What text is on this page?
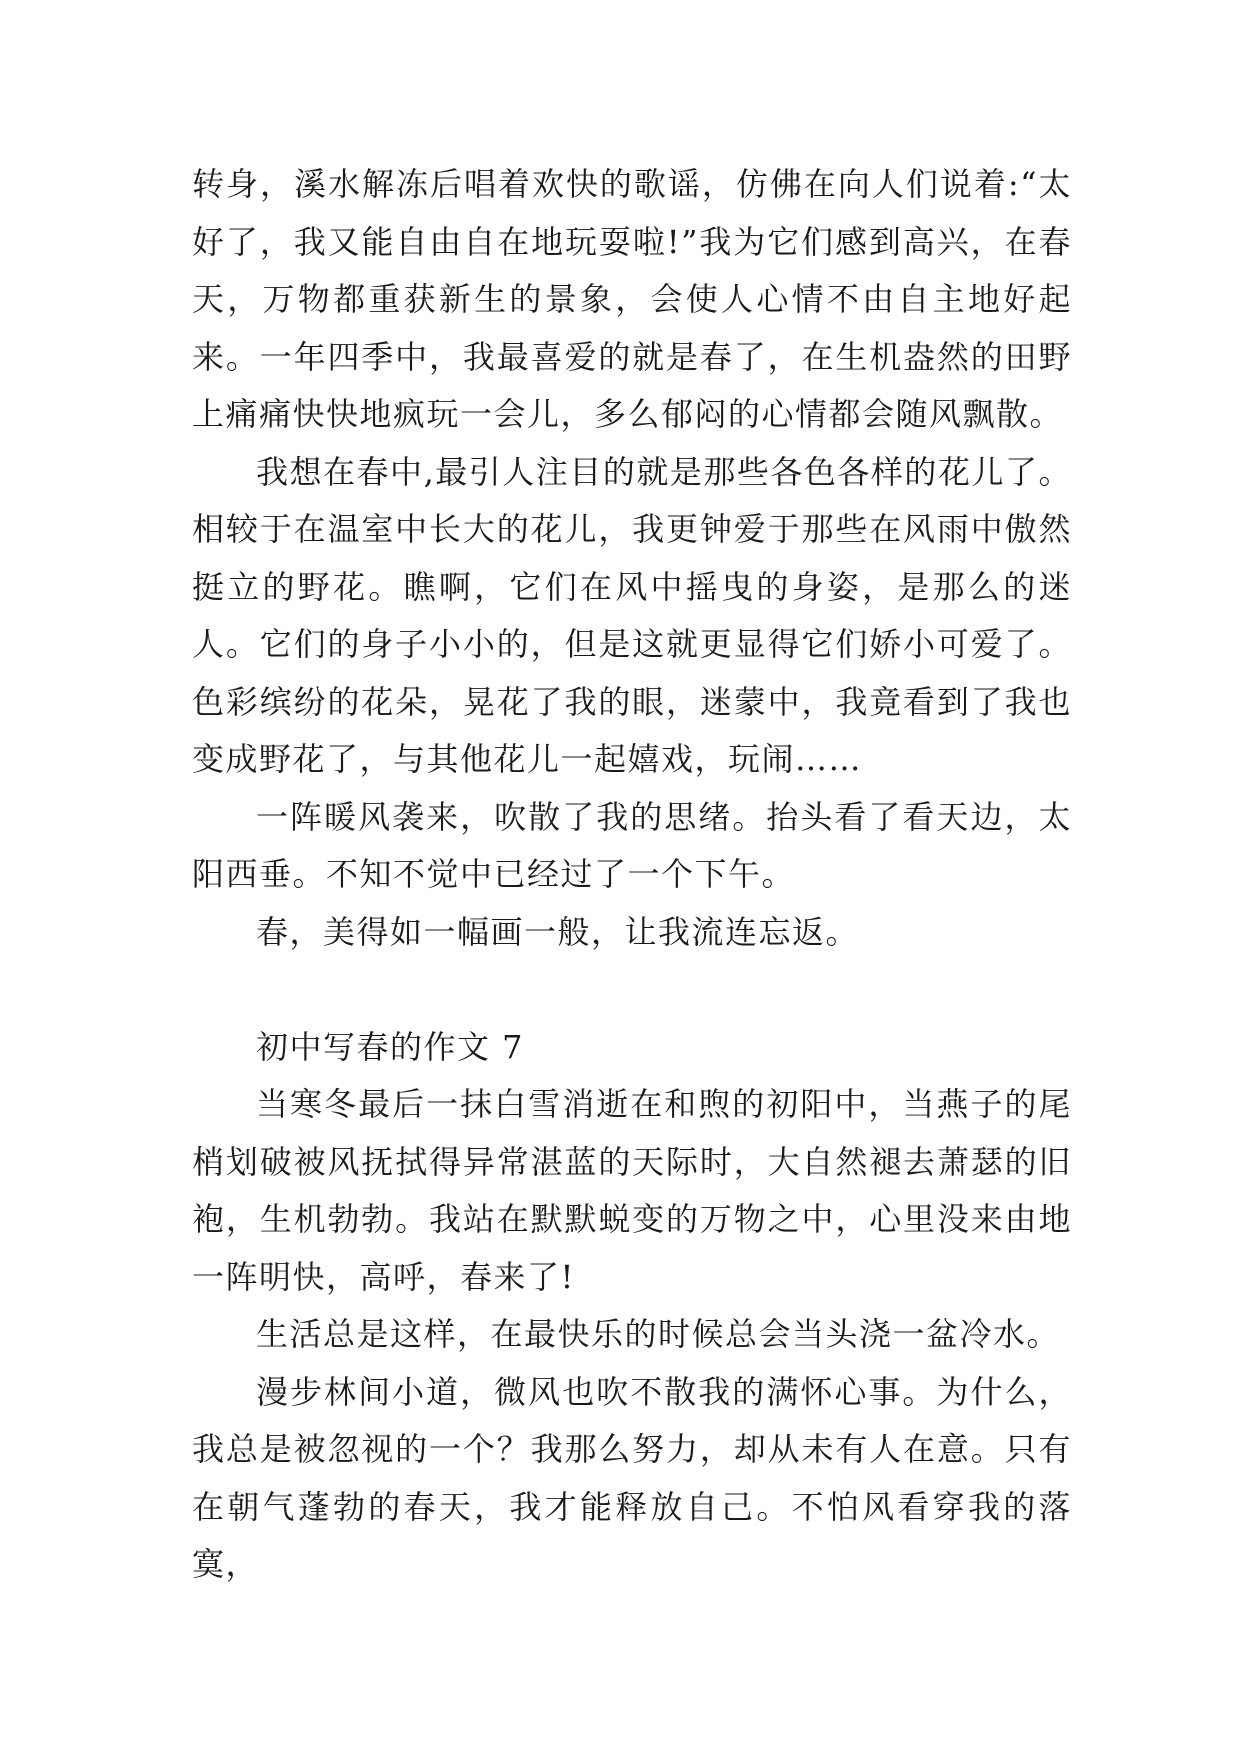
转身，溪水解冻后唱着欢快的歌谣，仿佛在向人们说着:“太好了，我又能自由自在地玩耍啦!”我为它们感到高兴，在春天，万物都重获新生的景象，会使人心情不由自主地好起来。一年四季中，我最喜爱的就是春了，在生机盎然的田野上痛痛快快地疯玩一会儿，多么郁闷的心情都会随风飘散。

我想在春中,最引人注目的就是那些各色各样的花儿了。相较于在温室中长大的花儿，我更钟爱于那些在风雨中傲然挺立的野花。瞧啊，它们在风中摇曳的身姿，是那么的迷人。它们的身子小小的，但是这就更显得它们娇小可爱了。色彩缤纷的花朵，晃花了我的眼，迷蒙中，我竟看到了我也变成野花了，与其他花儿一起嬉戏，玩闹……

一阵暖风袭来，吹散了我的思绪。抬头看了看天边，太阳西垂。不知不觉中已经过了一个下午。

春，美得如一幅画一般，让我流连忘返。

初中写春的作文 7

当寒冬最后一抹白雪消逝在和煦的初阳中，当燕子的尾梢划破被风抚拭得异常湛蓝的天际时，大自然褪去萧瑟的旧袍，生机勃勃。我站在默默蜕变的万物之中，心里没来由地一阵明快，高呼，春来了!

生活总是这样，在最快乐的时候总会当头浇一盆冷水。

漫步林间小道，微风也吹不散我的满怀心事。为什么，我总是被忽视的一个？我那么努力，却从未有人在意。只有在朝气蓬勃的春天，我才能释放自己。不怕风看穿我的落寞，
